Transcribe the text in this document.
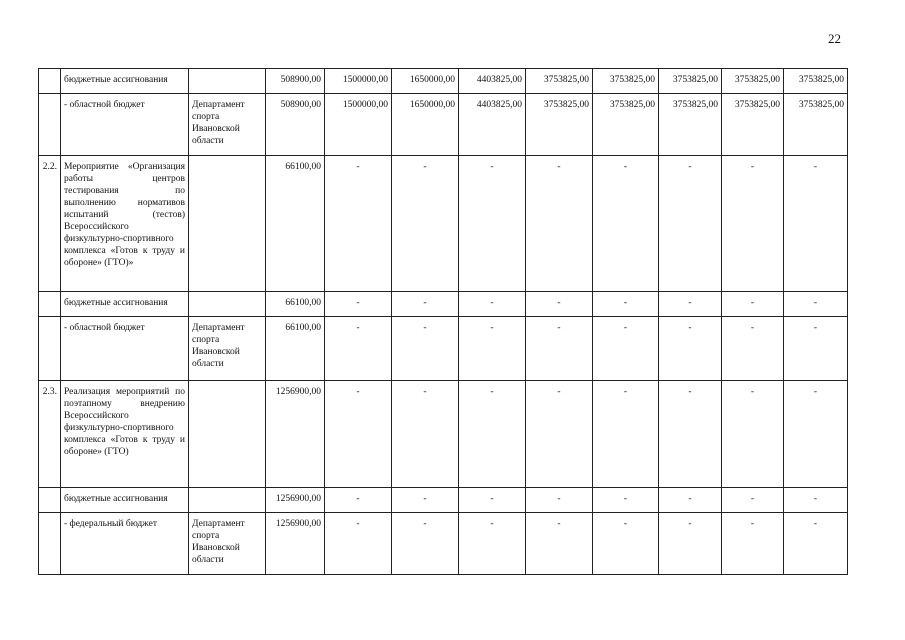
22
	бюджетные ассигнования		508900,00	1500000,00	1650000,00	4403825,00	3753825,00	3753825,00	3753825,00	3753825,00	3753825,00
	- областной бюджет	Департамент спорта Ивановской области	508900,00	1500000,00	1650000,00	4403825,00	3753825,00	3753825,00	3753825,00	3753825,00	3753825,00
2.2.	Мероприятие «Организация работы центров тестирования по выполнению нормативов испытаний (тестов) Всероссийского физкультурно-спортивного комплекса «Готов к труду и обороне» (ГТО)»		66100,00	-	-	-	-	-	-	-	-
	бюджетные ассигнования		66100,00	-	-	-	-	-	-	-	-
	- областной бюджет	Департамент спорта Ивановской области	66100,00	-	-	-	-	-	-	-	-
2.3.	Реализация мероприятий по поэтапному внедрению Всероссийского физкультурно-спортивного комплекса «Готов к труду и обороне» (ГТО)		1256900,00	-	-	-	-	-	-	-	-
	бюджетные ассигнования		1256900,00	-	-	-	-	-	-	-	-
	- федеральный бюджет	Департамент спорта Ивановской области	1256900,00	-	-	-	-	-	-	-	-
